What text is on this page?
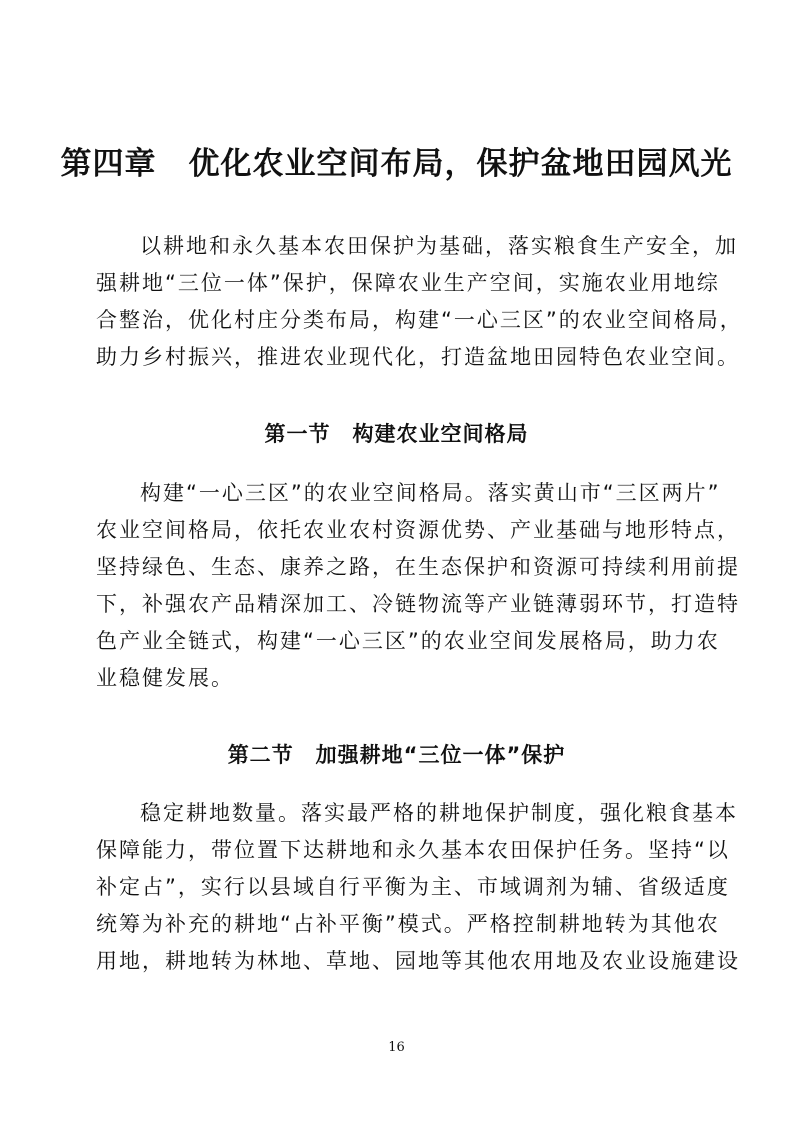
第四章　优化农业空间布局，保护盆地田园风光

以耕地和永久基本农田保护为基础，落实粮食生产安全，加
强耕地“三位一体”保护，保障农业生产空间，实施农业用地综
合整治，优化村庄分类布局，构建“一心三区”的农业空间格局，
助力乡村振兴，推进农业现代化，打造盆地田园特色农业空间。

第一节　构建农业空间格局

构建“一心三区”的农业空间格局。落实黄山市“三区两片”
农业空间格局，依托农业农村资源优势、产业基础与地形特点，
坚持绿色、生态、康养之路，在生态保护和资源可持续利用前提
下，补强农产品精深加工、冷链物流等产业链薄弱环节，打造特
色产业全链式，构建“一心三区”的农业空间发展格局，助力农
业稳健发展。

第二节　加强耕地“三位一体”保护

稳定耕地数量。落实最严格的耕地保护制度，强化粮食基本
保障能力，带位置下达耕地和永久基本农田保护任务。坚持“以
补定占”，实行以县域自行平衡为主、市域调剂为辅、省级适度
统筹为补充的耕地“占补平衡”模式。严格控制耕地转为其他农
用地，耕地转为林地、草地、园地等其他农用地及农业设施建设

16
